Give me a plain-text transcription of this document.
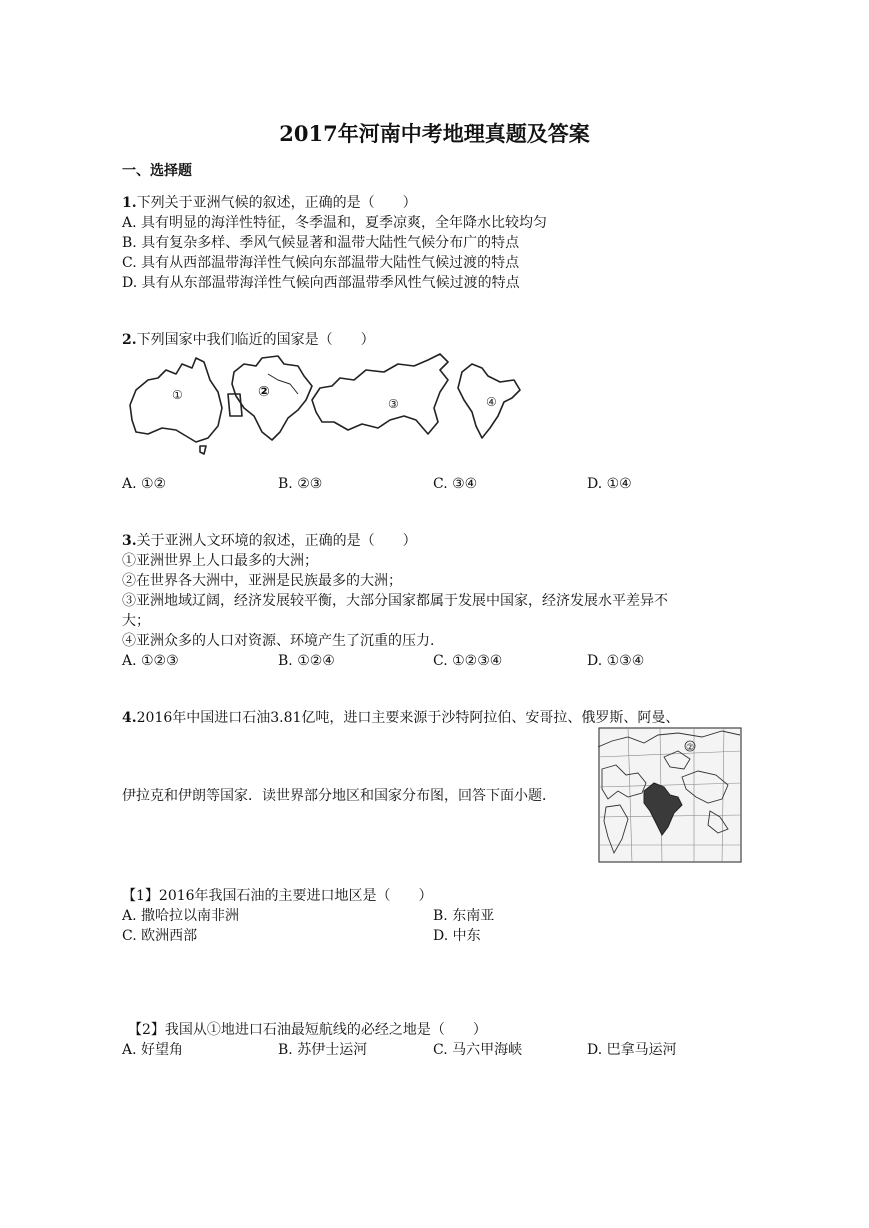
2017年河南中考地理真题及答案
一、选择题
1.下列关于亚洲气候的叙述，正确的是（　　）
A. 具有明显的海洋性特征，冬季温和，夏季凉爽，全年降水比较均匀
B. 具有复杂多样、季风气候显著和温带大陆性气候分布广的特点
C. 具有从西部温带海洋性气候向东部温带大陆性气候过渡的特点
D. 具有从东部温带海洋性气候向西部温带季风性气候过渡的特点
2.下列国家中我们临近的国家是（　　）
①	②
③	④
A. ①②	B. ②③	C. ③④	D. ①④
3.关于亚洲人文环境的叙述，正确的是（　　）
①亚洲世界上人口最多的大洲；
②在世界各大洲中，亚洲是民族最多的大洲；
③亚洲地域辽阔，经济发展较平衡，大部分国家都属于发展中国家，经济发展水平差异不
大；
④亚洲众多的人口对资源、环境产生了沉重的压力.
A. ①②③	B. ①②④	C. ①②③④	D. ①③④
4.2016年中国进口石油3.81亿吨，进口主要来源于沙特阿拉伯、安哥拉、俄罗斯、阿曼、
伊拉克和伊朗等国家．读世界部分地区和国家分布图，回答下面小题．
②
【1】2016年我国石油的主要进口地区是（　　）
A. 撒哈拉以南非洲	B. 东南亚
C. 欧洲西部	D. 中东
【2】我国从①地进口石油最短航线的必经之地是（　　）
A. 好望角	B. 苏伊士运河	C. 马六甲海峡	D. 巴拿马运河
